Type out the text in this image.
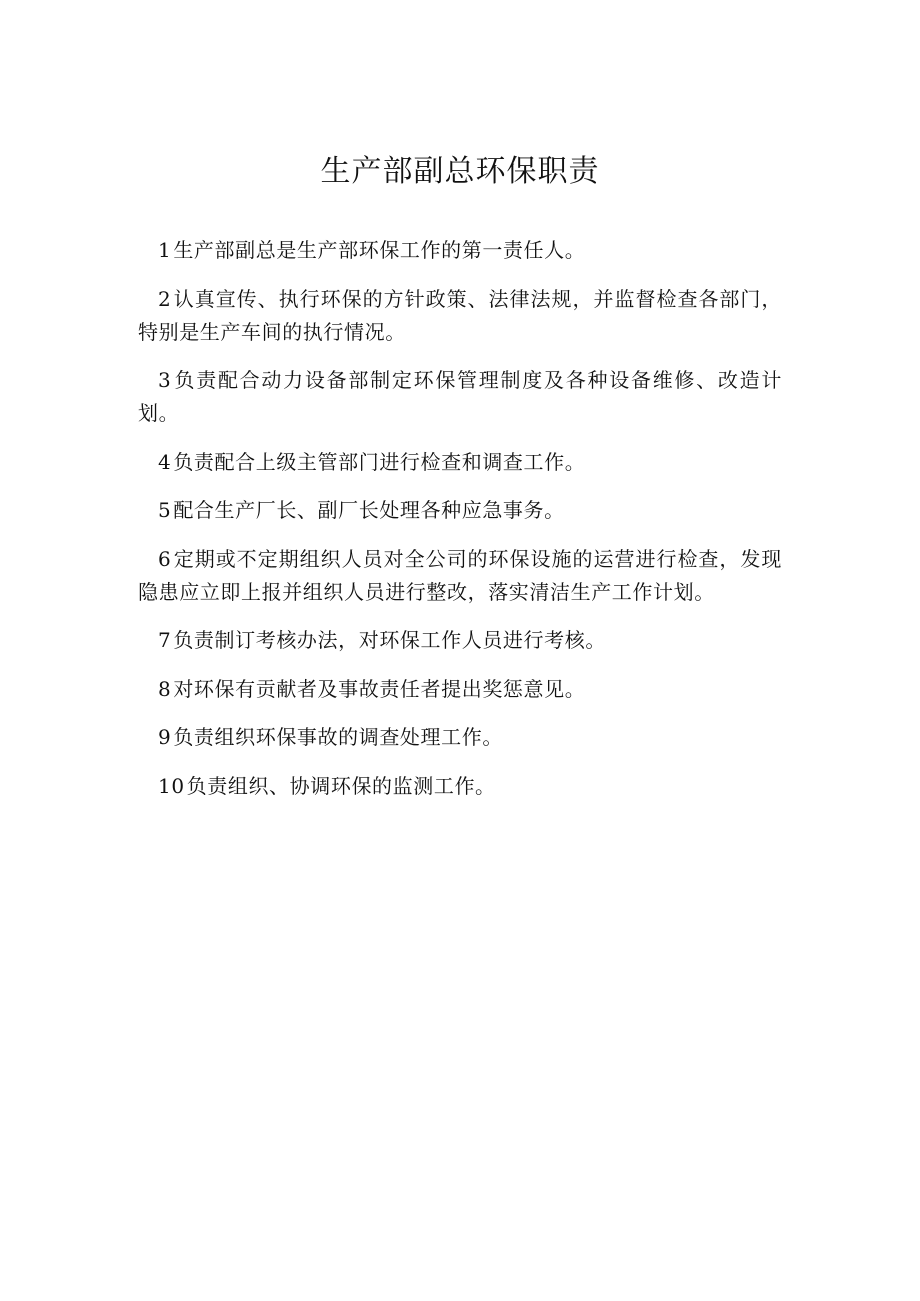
生产部副总环保职责

1 生产部副总是生产部环保工作的第一责任人。

2 认真宣传、执行环保的方针政策、法律法规，并监督检查各部门，特别是生产车间的执行情况。

3 负责配合动力设备部制定环保管理制度及各种设备维修、改造计划。

4 负责配合上级主管部门进行检查和调查工作。

5 配合生产厂长、副厂长处理各种应急事务。

6 定期或不定期组织人员对全公司的环保设施的运营进行检查，发现隐患应立即上报并组织人员进行整改，落实清洁生产工作计划。

7 负责制订考核办法，对环保工作人员进行考核。

8 对环保有贡献者及事故责任者提出奖惩意见。

9 负责组织环保事故的调查处理工作。

10 负责组织、协调环保的监测工作。
